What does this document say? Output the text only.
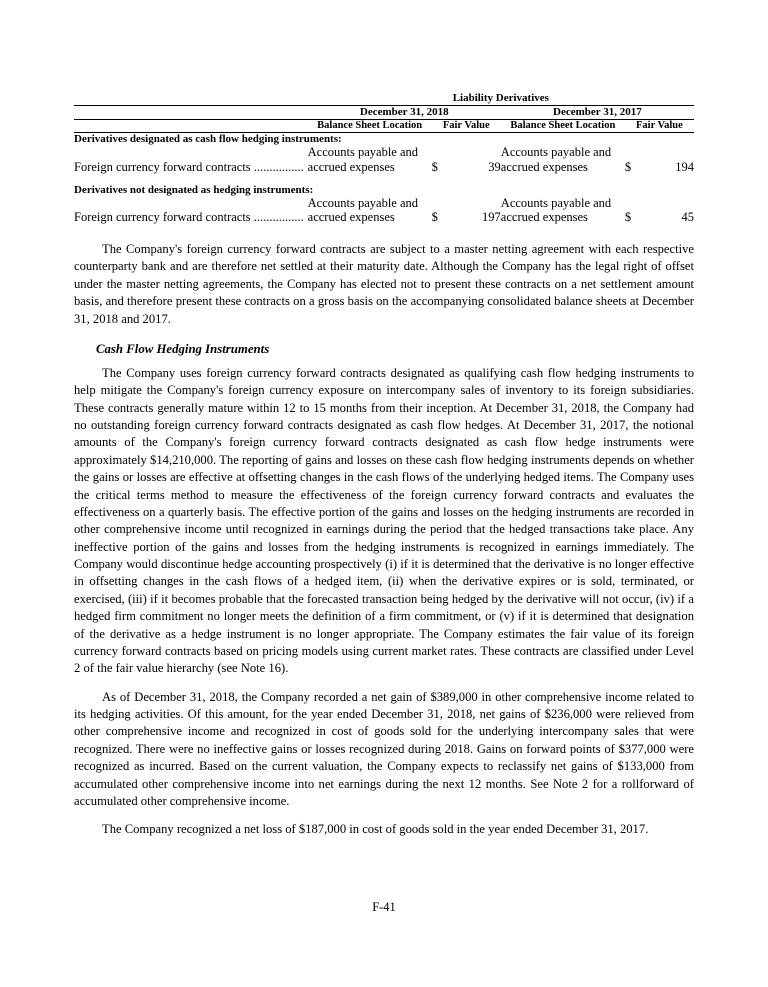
	Liability Derivatives					

	December 31, 2018			December 31, 2017		

	Balance Sheet Location	Fair Value		Balance Sheet Location	Fair Value	

Derivatives designated as cash flow hedging instruments:						
Foreign currency forward contracts ................	Accounts payable and accrued expenses	$	39	Accounts payable and accrued expenses	$	194

Derivatives not designated as hedging instruments:						
Foreign currency forward contracts ................	Accounts payable and accrued expenses	$	197	Accounts payable and accrued expenses	$	45

The Company's foreign currency forward contracts are subject to a master netting agreement with each respective counterparty bank and are therefore net settled at their maturity date. Although the Company has the legal right of offset under the master netting agreements, the Company has elected not to present these contracts on a net settlement amount basis, and therefore present these contracts on a gross basis on the accompanying consolidated balance sheets at December 31, 2018 and 2017.

Cash Flow Hedging Instruments

The Company uses foreign currency forward contracts designated as qualifying cash flow hedging instruments to help mitigate the Company's foreign currency exposure on intercompany sales of inventory to its foreign subsidiaries. These contracts generally mature within 12 to 15 months from their inception. At December 31, 2018, the Company had no outstanding foreign currency forward contracts designated as cash flow hedges. At December 31, 2017, the notional amounts of the Company's foreign currency forward contracts designated as cash flow hedge instruments were approximately $14,210,000. The reporting of gains and losses on these cash flow hedging instruments depends on whether the gains or losses are effective at offsetting changes in the cash flows of the underlying hedged items. The Company uses the critical terms method to measure the effectiveness of the foreign currency forward contracts and evaluates the effectiveness on a quarterly basis. The effective portion of the gains and losses on the hedging instruments are recorded in other comprehensive income until recognized in earnings during the period that the hedged transactions take place. Any ineffective portion of the gains and losses from the hedging instruments is recognized in earnings immediately. The Company would discontinue hedge accounting prospectively (i) if it is determined that the derivative is no longer effective in offsetting changes in the cash flows of a hedged item, (ii) when the derivative expires or is sold, terminated, or exercised, (iii) if it becomes probable that the forecasted transaction being hedged by the derivative will not occur, (iv) if a hedged firm commitment no longer meets the definition of a firm commitment, or (v) if it is determined that designation of the derivative as a hedge instrument is no longer appropriate. The Company estimates the fair value of its foreign currency forward contracts based on pricing models using current market rates. These contracts are classified under Level 2 of the fair value hierarchy (see Note 16).

As of December 31, 2018, the Company recorded a net gain of $389,000 in other comprehensive income related to its hedging activities. Of this amount, for the year ended December 31, 2018, net gains of $236,000 were relieved from other comprehensive income and recognized in cost of goods sold for the underlying intercompany sales that were recognized. There were no ineffective gains or losses recognized during 2018. Gains on forward points of $377,000 were recognized as incurred. Based on the current valuation, the Company expects to reclassify net gains of $133,000 from accumulated other comprehensive income into net earnings during the next 12 months. See Note 2 for a rollforward of accumulated other comprehensive income.

The Company recognized a net loss of $187,000 in cost of goods sold in the year ended December 31, 2017.

F-41
